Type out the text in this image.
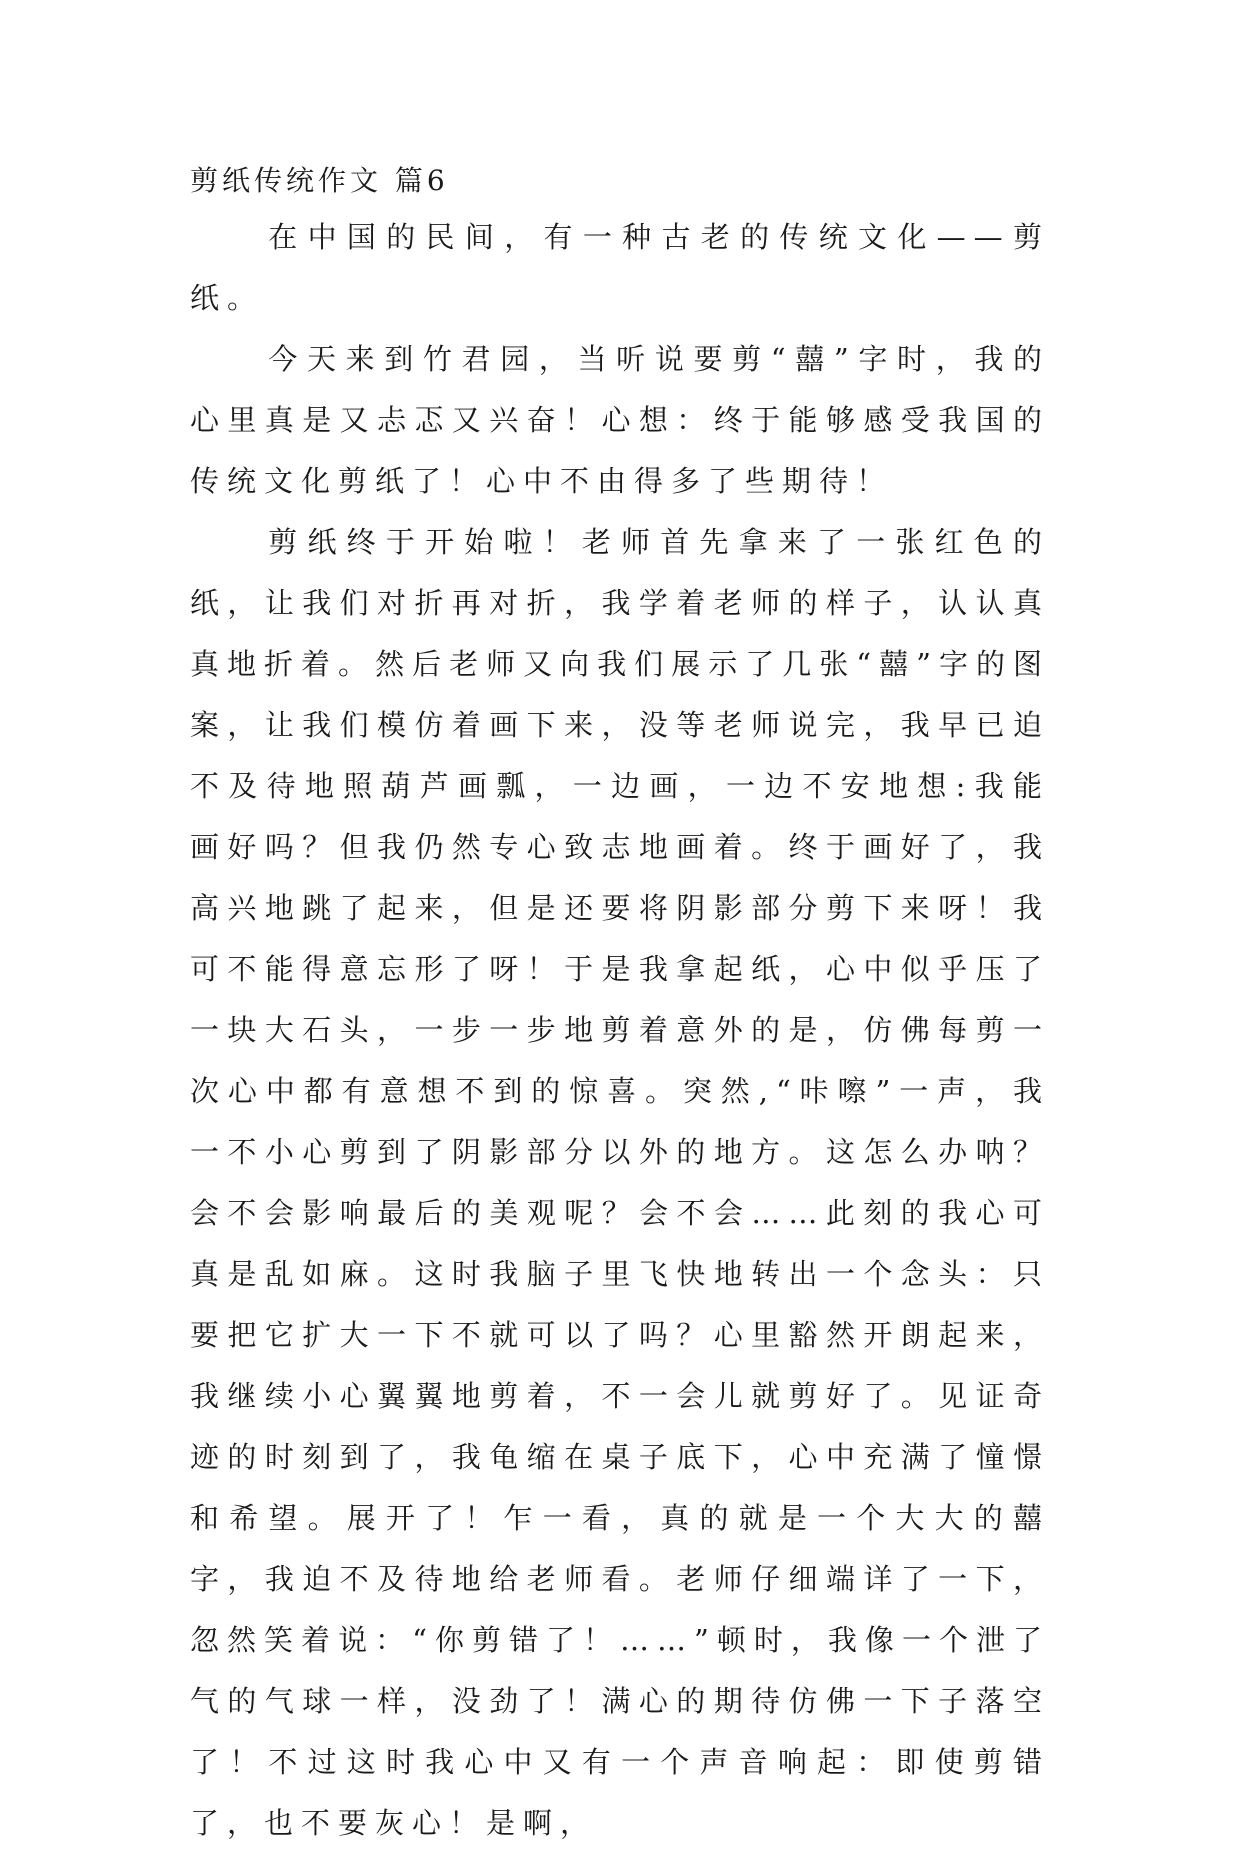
剪纸传统作文 篇6

在中国的民间，有一种古老的传统文化——剪纸。

今天来到竹君园，当听说要剪“囍”字时，我的心里真是又忐忑又兴奋！心想：终于能够感受我国的传统文化剪纸了！心中不由得多了些期待！

剪纸终于开始啦！老师首先拿来了一张红色的纸，让我们对折再对折，我学着老师的样子，认认真真地折着。然后老师又向我们展示了几张“囍”字的图案，让我们模仿着画下来，没等老师说完，我早已迫不及待地照葫芦画瓢，一边画，一边不安地想:我能画好吗？但我仍然专心致志地画着。终于画好了，我高兴地跳了起来，但是还要将阴影部分剪下来呀！我可不能得意忘形了呀！于是我拿起纸，心中似乎压了一块大石头，一步一步地剪着意外的是，仿佛每剪一次心中都有意想不到的惊喜。突然,“咔嚓”一声，我一不小心剪到了阴影部分以外的地方。这怎么办呐？会不会影响最后的美观呢？会不会……此刻的我心可真是乱如麻。这时我脑子里飞快地转出一个念头：只要把它扩大一下不就可以了吗？心里豁然开朗起来，我继续小心翼翼地剪着，不一会儿就剪好了。见证奇迹的时刻到了，我龟缩在桌子底下，心中充满了憧憬和希望。展开了！乍一看，真的就是一个大大的囍字，我迫不及待地给老师看。老师仔细端详了一下，忽然笑着说：“你剪错了！……”顿时，我像一个泄了气的气球一样，没劲了！满心的期待仿佛一下子落空了！不过这时我心中又有一个声音响起：即使剪错了，也不要灰心！是啊，
